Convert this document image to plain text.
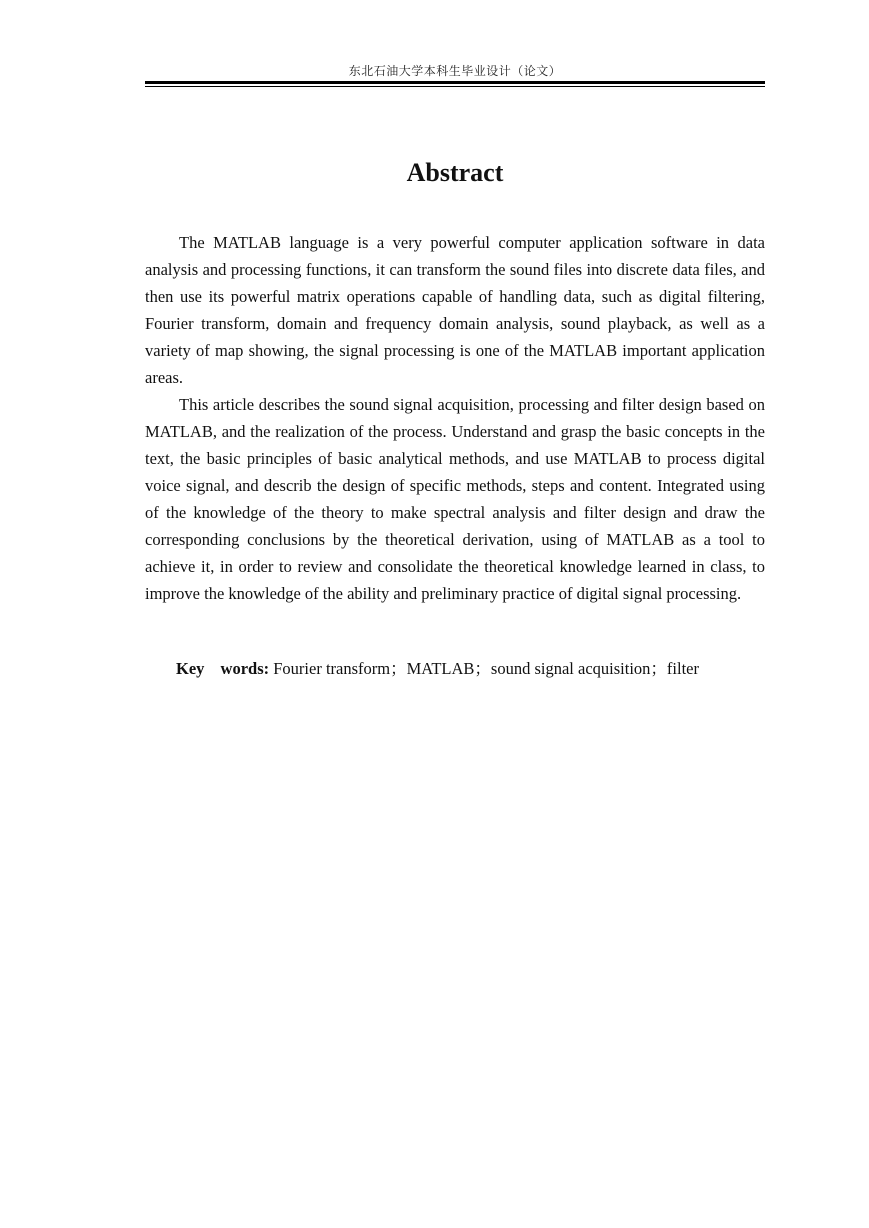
东北石油大学本科生毕业设计（论文）
Abstract

The MATLAB language is a very powerful computer application software in data analysis and processing functions, it can transform the sound files into discrete data files, and then use its powerful matrix operations capable of handling data, such as digital filtering, Fourier transform, domain and frequency domain analysis, sound playback, as well as a variety of map showing, the signal processing is one of the MATLAB important application areas.

This article describes the sound signal acquisition, processing and filter design based on MATLAB, and the realization of the process. Understand and grasp the basic concepts in the text, the basic principles of basic analytical methods, and use MATLAB to process digital voice signal, and describ the design of specific methods, steps and content. Integrated using of the knowledge of the theory to make spectral analysis and filter design and draw the corresponding conclusions by the theoretical derivation, using of MATLAB as a tool to achieve it, in order to review and consolidate the theoretical knowledge learned in class, to improve the knowledge of the ability and preliminary practice of digital signal processing.

Key words: Fourier transform；MATLAB；sound signal acquisition；filter
